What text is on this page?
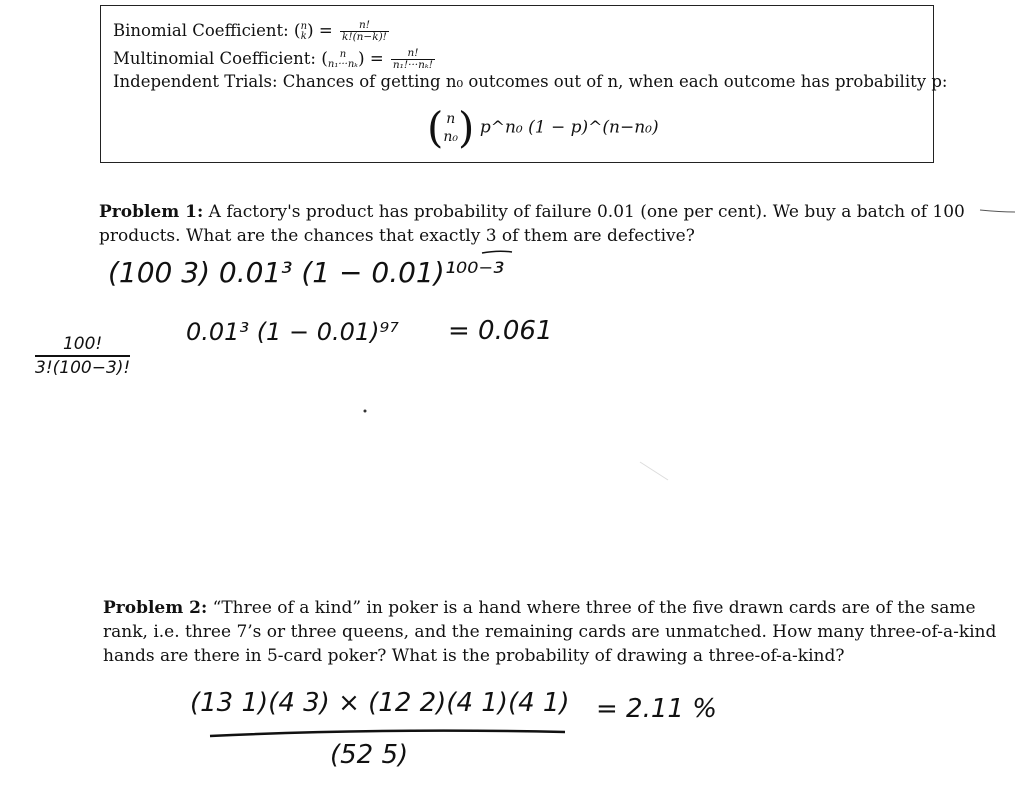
Binomial Coefficient: (n
$k) = \frac{n!}{k!(n-k)!}$
Multinomial Coefficient: ( n
$n_1\cdot\cdot\cdot n_k) = \frac{n!}{\text{n₁!···nₖ!}}$
Independent Trials: Chances of getting n₀ outcomes out of n, when each outcome has probability p:
( n
n₀) p^n₀ (1 − p)^(n−n₀)
Problem 1: A factory's product has probability of failure 0.01 (one per cent). We buy a batch of 100 products. What are the chances that exactly 3 of them are defective?
(100 3) 0.01³ (1 − 0.01)¹⁰⁰⁻³
100!
3!(100−3)!
0.01³ (1 − 0.01)⁹⁷ = 0.061
Problem 2: “Three of a kind” in poker is a hand where three of the five drawn cards are of the same rank, i.e. three 7’s or three queens, and the remaining cards are unmatched. How many three-of-a-kind hands are there in 5-card poker? What is the probability of drawing a three-of-a-kind?
(13 1)(4 3) × (12 2)(4 1)(4 1)
(52 5)
= 2.11 %
